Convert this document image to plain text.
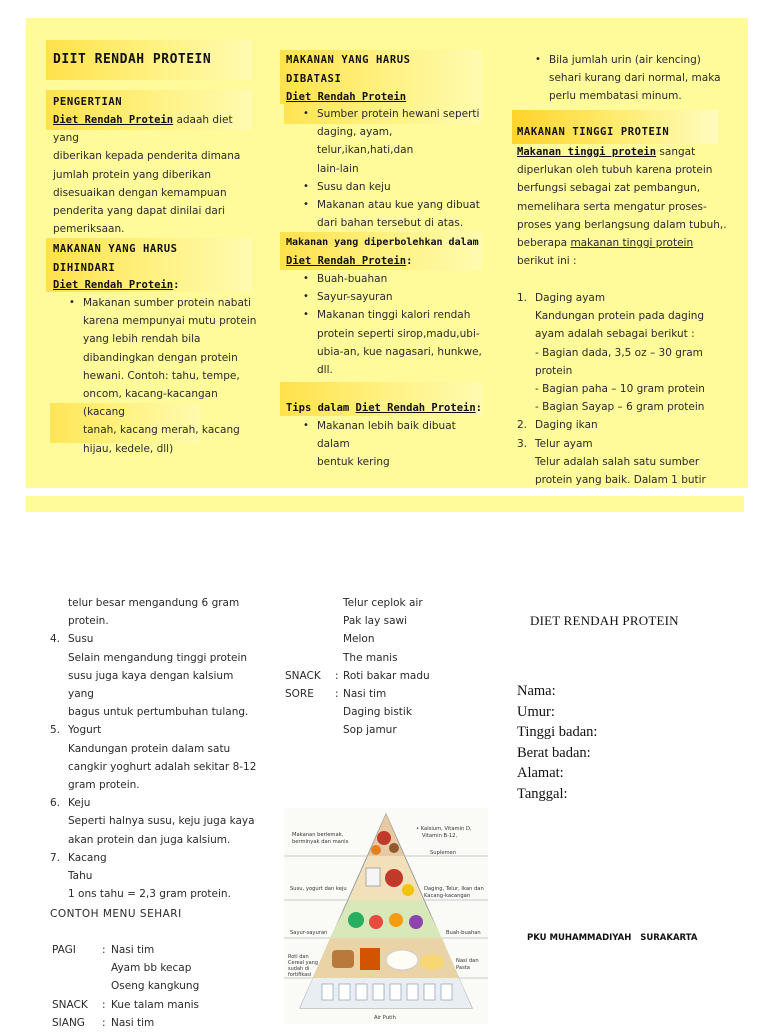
DIIT RENDAH PROTEIN
PENGERTIAN
Diet Rendah Protein adaah diet yang
diberikan kepada penderita dimana
jumlah protein yang diberikan
disesuaikan dengan kemampuan
penderita yang dapat dinilai dari
pemeriksaan.
MAKANAN YANG HARUS
DIHINDARI
Diet Rendah Protein:
• Makanan sumber protein nabati
karena mempunyai mutu protein
yang lebih rendah bila
dibandingkan dengan protein
hewani. Contoh: tahu, tempe,
oncom, kacang-kacangan (kacang
tanah, kacang merah, kacang
hijau, kedele, dll)
MAKANAN YANG HARUS
DIBATASI
Diet Rendah Protein
• Sumber protein hewani seperti
daging, ayam, telur,ikan,hati,dan
lain-lain
• Susu dan keju
• Makanan atau kue yang dibuat
dari bahan tersebut di atas.
Makanan yang diperbolehkan dalam
Diet Rendah Protein:
• Buah-buahan
• Sayur-sayuran
• Makanan tinggi kalori rendah
protein seperti sirop,madu,ubi-
ubia-an, kue nagasari, hunkwe,
dll.
Tips dalam Diet Rendah Protein:
• Makanan lebih baik dibuat dalam
bentuk kering
• Bila jumlah urin (air kencing)
sehari kurang dari normal, maka
perlu membatasi minum.
MAKANAN TINGGI PROTEIN
Makanan tinggi protein sangat
diperlukan oleh tubuh karena protein
berfungsi sebagai zat pembangun,
memelihara serta mengatur proses-
proses yang berlangsung dalam tubuh,.
beberapa makanan tinggi protein
berikut ini :
1. Daging ayam
Kandungan protein pada daging
ayam adalah sebagai berikut :
- Bagian dada, 3,5 oz – 30 gram
protein
- Bagian paha – 10 gram protein
- Bagian Sayap – 6 gram protein
2. Daging ikan
3. Telur ayam
Telur adalah salah satu sumber
protein yang baik. Dalam 1 butir
telur besar mengandung 6 gram
protein.
4. Susu
Selain mengandung tinggi protein
susu juga kaya dengan kalsium yang
bagus untuk pertumbuhan tulang.
5. Yogurt
Kandungan protein dalam satu
cangkir yoghurt adalah sekitar 8-12
gram protein.
6. Keju
Seperti halnya susu, keju juga kaya
akan protein dan juga kalsium.
7. Kacang
Tahu
1 ons tahu = 2,3 gram protein.
CONTOH MENU SEHARI
PAGI : Nasi tim
Ayam bb kecap
Oseng kangkung
SNACK : Kue talam manis
SIANG : Nasi tim
Telur ceplok air
Pak lay sawi
Melon
The manis
SNACK : Roti bakar madu
SORE : Nasi tim
Daging bistik
Sop jamur
Makanan berlemak,
berminyak dan manis
• Kalsium, Vitamin D,
Vitamin B-12,
Suplemen
Susu, yogurt dan keju	Daging, Telur, Ikan dan
Kacang-kacangan
Sayur-sayuran	Buah-buahan
Roti dan
Cereal yang
sudah di
fortifikasi
Nasi dan
Pasta
Air Putih
DIET RENDAH PROTEIN
Nama:
Umur:
Tinggi badan:
Berat badan:
Alamat:
Tanggal:
PKU MUHAMMADIYAH   SURAKARTA
